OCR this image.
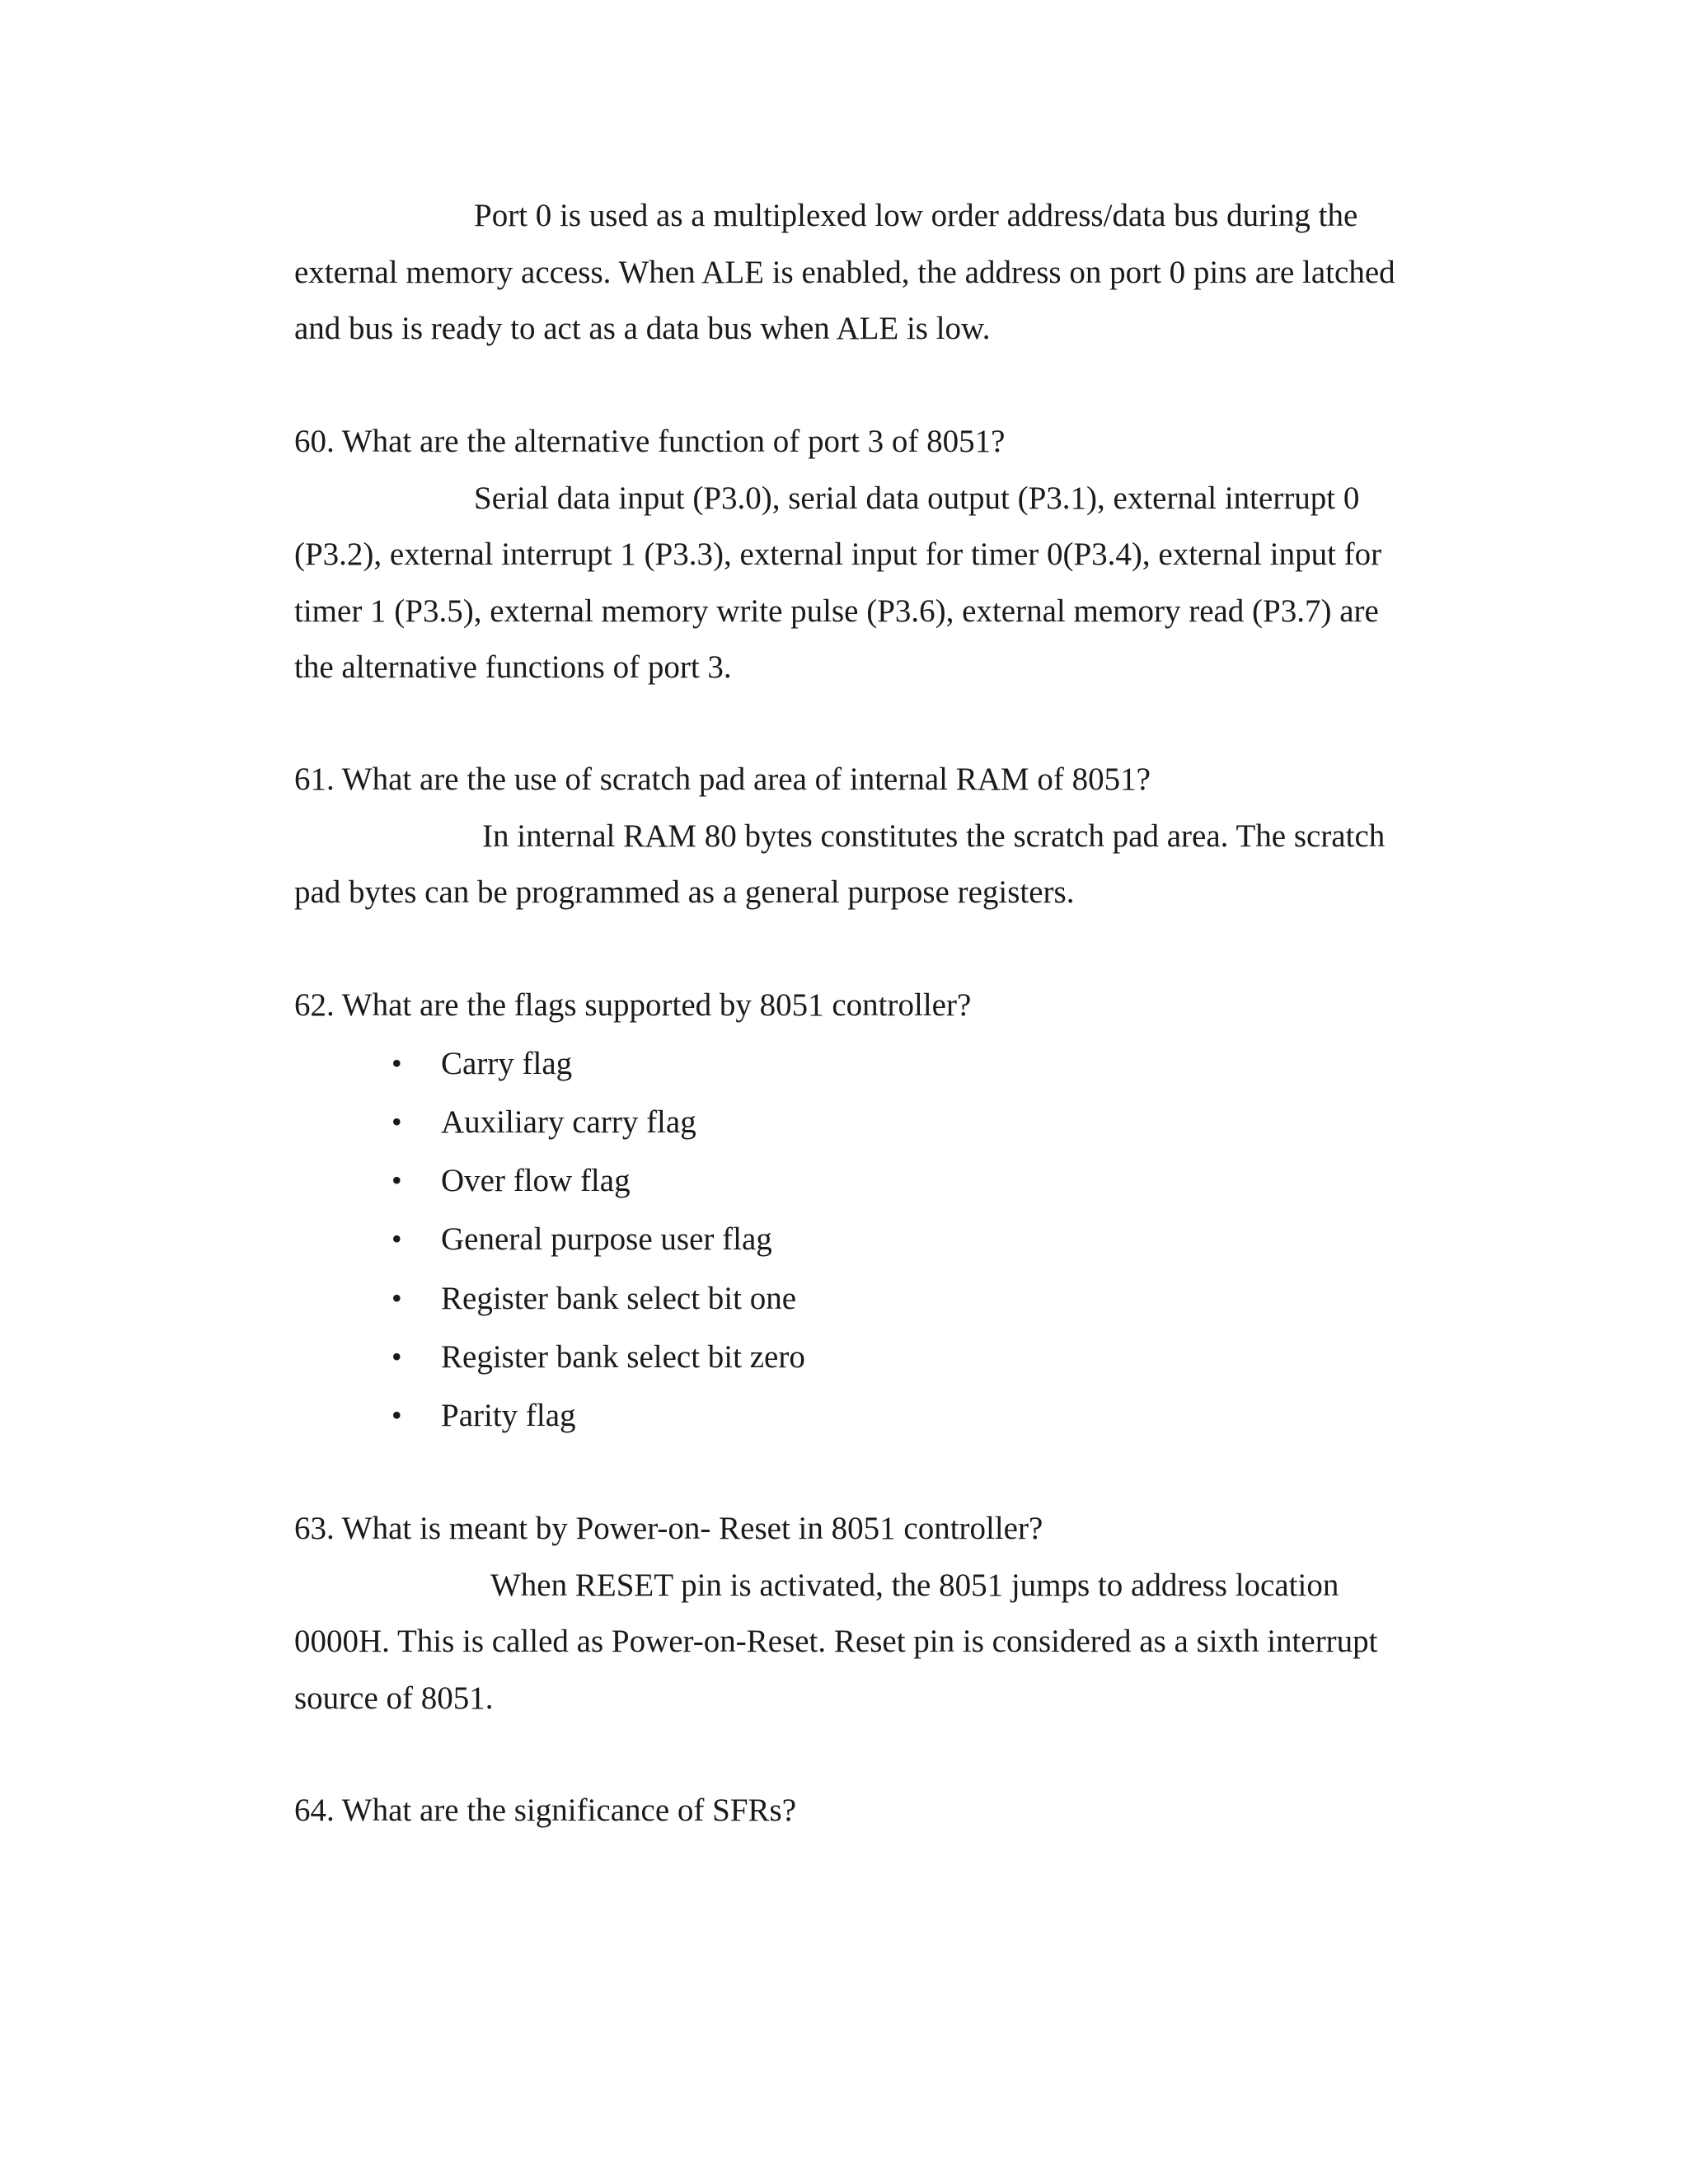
Port 0 is used as a multiplexed low order address/data bus during the external memory access. When ALE is enabled, the address on port 0 pins are latched and bus is ready to act as a data bus when ALE is low.

60. What are the alternative function of port 3 of 8051?

Serial data input (P3.0), serial data output (P3.1), external interrupt 0 (P3.2), external interrupt 1 (P3.3), external input for timer 0(P3.4), external input for timer 1 (P3.5), external memory write pulse (P3.6), external memory read (P3.7) are the alternative functions of port 3.

61. What are the use of scratch pad area of internal RAM of 8051?

In internal RAM 80 bytes constitutes the scratch pad area. The scratch pad bytes can be programmed as a general purpose registers.

62. What are the flags supported by 8051 controller?

• Carry flag
• Auxiliary carry flag
• Over flow flag
• General purpose user flag
• Register bank select bit one
• Register bank select bit zero
• Parity flag

63. What is meant by Power-on- Reset in 8051 controller?

When RESET pin is activated, the 8051 jumps to address location 0000H. This is called as Power-on-Reset. Reset pin is considered as a sixth interrupt source of 8051.

64. What are the significance of SFRs?
